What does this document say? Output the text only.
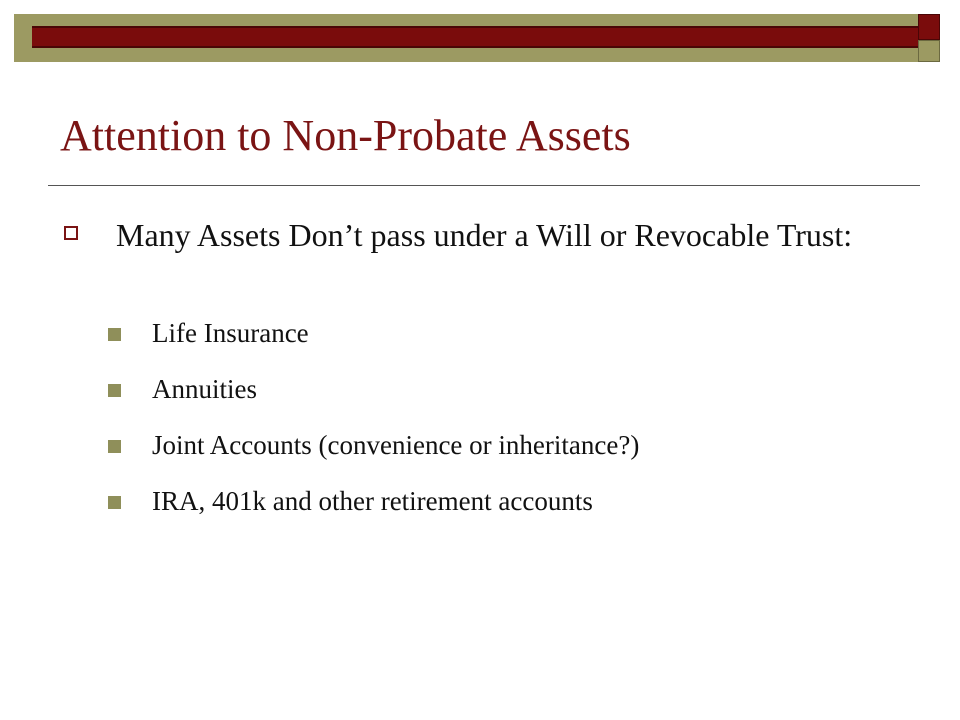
Attention to Non-Probate Assets
Many Assets Don’t pass under a Will or Revocable Trust:
Life Insurance
Annuities
Joint Accounts (convenience or inheritance?)
IRA, 401k and other retirement accounts
